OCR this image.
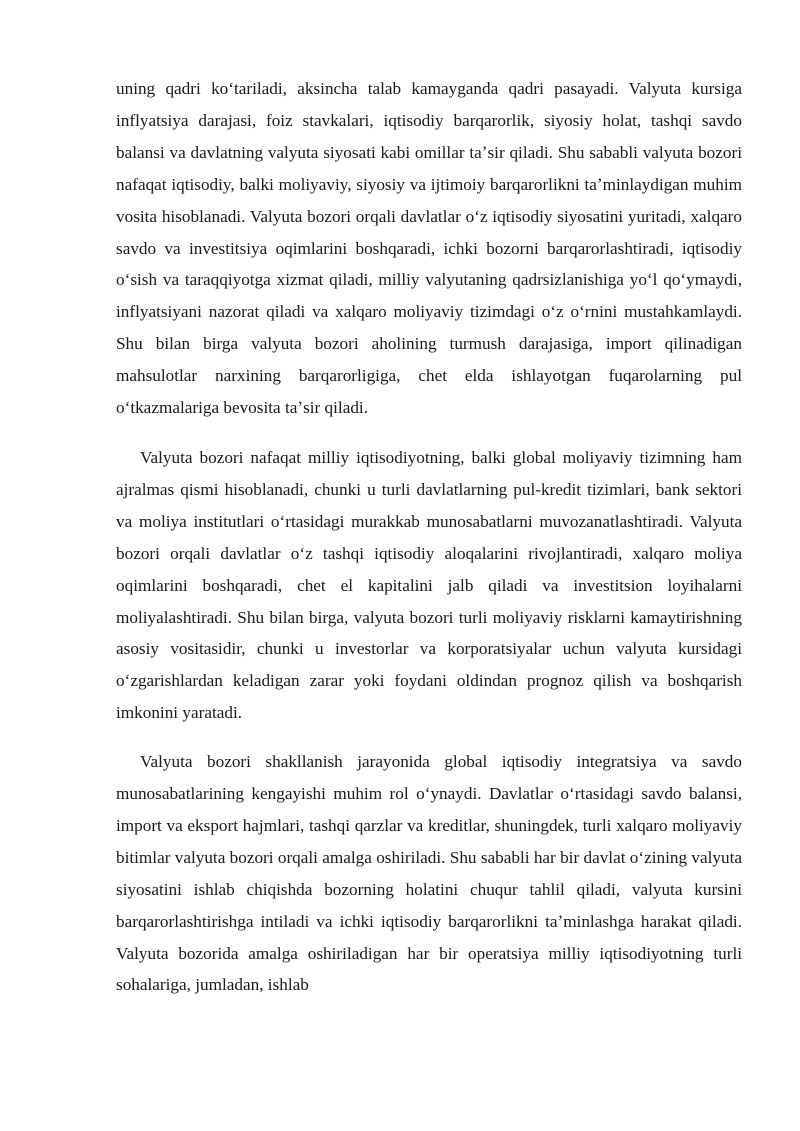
uning qadri koʻtariladi, aksincha talab kamayganda qadri pasayadi. Valyuta kursiga inflyatsiya darajasi, foiz stavkalari, iqtisodiy barqarorlik, siyosiy holat, tashqi savdo balansi va davlatning valyuta siyosati kabi omillar taʼsir qiladi. Shu sababli valyuta bozori nafaqat iqtisodiy, balki moliyaviy, siyosiy va ijtimoiy barqarorlikni taʼminlaydigan muhim vosita hisoblanadi. Valyuta bozori orqali davlatlar oʻz iqtisodiy siyosatini yuritadi, xalqaro savdo va investitsiya oqimlarini boshqaradi, ichki bozorni barqarorlashtiradi, iqtisodiy oʻsish va taraqqiyotga xizmat qiladi, milliy valyutaning qadrsizlanishiga yoʻl qoʻymaydi, inflyatsiyani nazorat qiladi va xalqaro moliyaviy tizimdagi oʻz oʻrnini mustahkamlaydi. Shu bilan birga valyuta bozori aholining turmush darajasiga, import qilinadigan mahsulotlar narxining barqarorligiga, chet elda ishlayotgan fuqarolarning pul oʻtkazmalariga bevosita taʼsir qiladi.

Valyuta bozori nafaqat milliy iqtisodiyotning, balki global moliyaviy tizimning ham ajralmas qismi hisoblanadi, chunki u turli davlatlarning pul-kredit tizimlari, bank sektori va moliya institutlari oʻrtasidagi murakkab munosabatlarni muvozanatlashtiradi. Valyuta bozori orqali davlatlar oʻz tashqi iqtisodiy aloqalarini rivojlantiradi, xalqaro moliya oqimlarini boshqaradi, chet el kapitalini jalb qiladi va investitsion loyihalarni moliyalashtiradi. Shu bilan birga, valyuta bozori turli moliyaviy risklarni kamaytirishning asosiy vositasidir, chunki u investorlar va korporatsiyalar uchun valyuta kursidagi oʻzgarishlardan keladigan zarar yoki foydani oldindan prognoz qilish va boshqarish imkonini yaratadi.

Valyuta bozori shakllanish jarayonida global iqtisodiy integratsiya va savdo munosabatlarining kengayishi muhim rol oʻynaydi. Davlatlar oʻrtasidagi savdo balansi, import va eksport hajmlari, tashqi qarzlar va kreditlar, shuningdek, turli xalqaro moliyaviy bitimlar valyuta bozori orqali amalga oshiriladi. Shu sababli har bir davlat oʻzining valyuta siyosatini ishlab chiqishda bozorning holatini chuqur tahlil qiladi, valyuta kursini barqarorlashtirishga intiladi va ichki iqtisodiy barqarorlikni taʼminlashga harakat qiladi. Valyuta bozorida amalga oshiriladigan har bir operatsiya milliy iqtisodiyotning turli sohalariga, jumladan, ishlab
